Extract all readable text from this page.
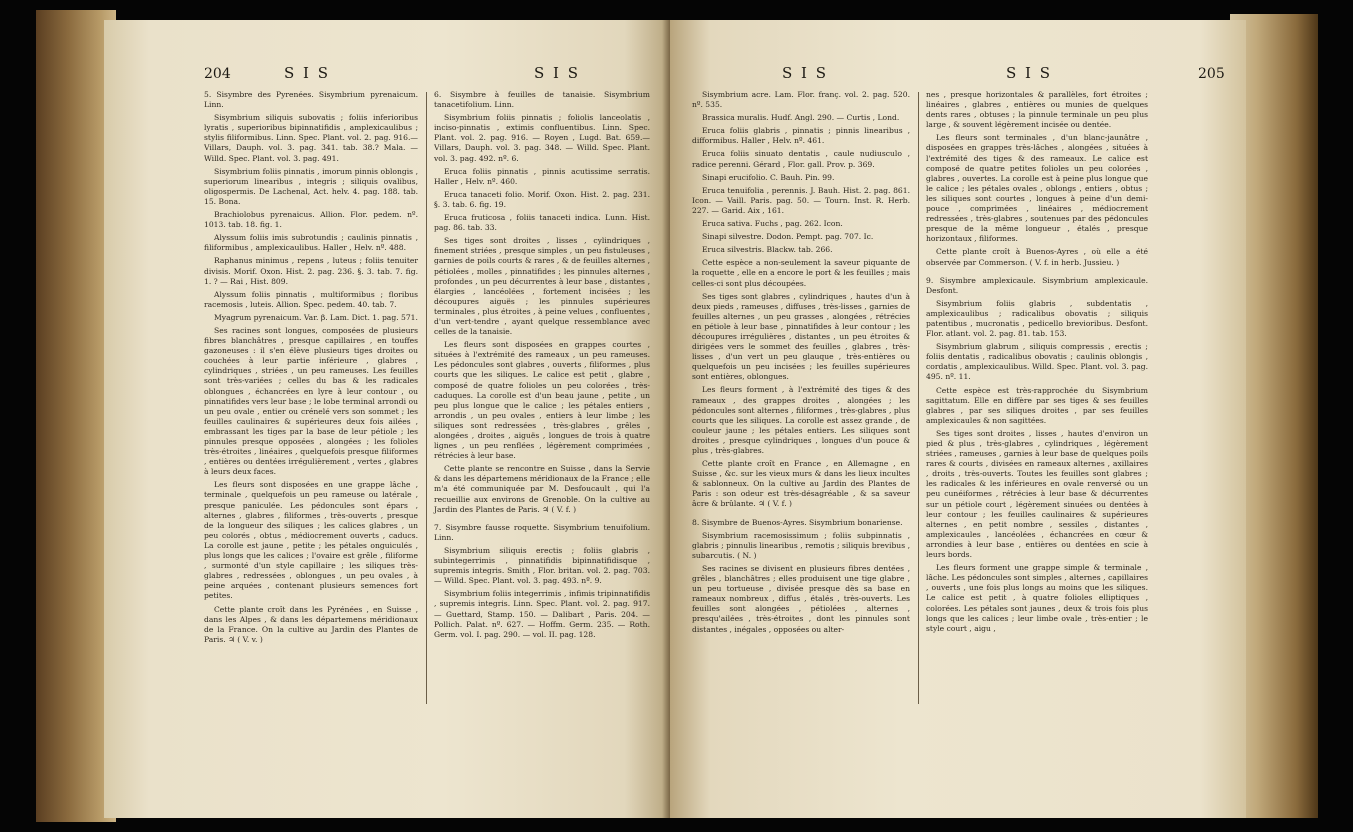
204	S I S	S I S

5. Sisymbre des Pyrenées. Sisymbrium pyrenaicum. Linn.

Sisymbrium siliquis subovatis ; foliis inferioribus lyratis , superioribus bipinnatifidis , amplexicaulibus ; stylis filiformibus. Linn. Spec. Plant. vol. 2. pag. 916.—Villars, Dauph. vol. 3. pag. 341. tab. 38.? Mala. — Willd. Spec. Plant. vol. 3. pag. 491.

Sisymbrium foliis pinnatis , imorum pinnis oblongis , superiorum linearibus , integris ; siliquis ovalibus, oligospermis. De Lachenal, Act. helv. 4. pag. 188. tab. 15. Bona.

Brachiolobus pyrenaicus. Allion. Flor. pedem. nº. 1013. tab. 18. fig. 1.

Alyssum foliis imis subrotundis ; caulinis pinnatis , filiformibus , amplexicaulibus. Haller , Helv. nº. 488.

Raphanus minimus , repens , luteus ; foliis tenuiter divisis. Morif. Oxon. Hist. 2. pag. 236. §. 3. tab. 7. fig. 1. ? — Rai , Hist. 809.

Alyssum foliis pinnatis , multiformibus ; floribus racemosis , luteis. Allion. Spec. pedem. 40. tab. 7.

Myagrum pyrenaicum. Var. β. Lam. Dict. 1. pag. 571.

Ses racines sont longues, composées de plusieurs fibres blanchâtres , presque capillaires , en touffes gazoneuses : il s'en élève plusieurs tiges droites ou couchées à leur partie inférieure , glabres , cylindriques , striées , un peu rameuses. Les feuilles sont très-variées ; celles du bas & les radicales oblongues , échancrées en lyre à leur contour , ou pinnatifides vers leur base ; le lobe terminal arrondi ou un peu ovale , entier ou crénelé vers son sommet ; les feuilles caulinaires & supérieures deux fois ailées , embrassant les tiges par la base de leur pétiole ; les pinnules presque opposées , alongées ; les folioles très-étroites , linéaires , quelquefois presque filiformes , entières ou dentées irrégulièrement , vertes , glabres à leurs deux faces.

Les fleurs sont disposées en une grappe lâche , terminale , quelquefois un peu rameuse ou latérale , presque paniculée. Les pédoncules sont épars , alternes , glabres , filiformes , très-ouverts , presque de la longueur des siliques ; les calices glabres , un peu colorés , obtus , médiocrement ouverts , caducs. La corolle est jaune , petite ; les pétales onguiculés , plus longs que les calices ; l'ovaire est grêle , filiforme , surmonté d'un style capillaire ; les siliques très-glabres , redressées , oblongues , un peu ovales , à peine arquées , contenant plusieurs semences fort petites.

Cette plante croît dans les Pyrénées , en Suisse , dans les Alpes , & dans les départemens méridionaux de la France. On la cultive au Jardin des Plantes de Paris. ♃ ( V. v. )

6. Sisymbre à feuilles de tanaisie. Sisymbrium tanacetifolium. Linn.

Sisymbrium foliis pinnatis ; foliolis lanceolatis , inciso-pinnatis , extimis confluentibus. Linn. Spec. Plant. vol. 2. pag. 916. — Royen , Lugd. Bat. 659.—Villars, Dauph. vol. 3. pag. 348. — Willd. Spec. Plant. vol. 3. pag. 492. nº. 6.

Eruca foliis pinnatis , pinnis acutissime serratis. Haller , Helv. nº. 460.

Eruca tanaceti folio. Morif. Oxon. Hist. 2. pag. 231. §. 3. tab. 6. fig. 19.

Eruca fruticosa , foliis tanaceti indica. Lunn. Hist. pag. 86. tab. 33.

Ses tiges sont droites , lisses , cylindriques , finement striées , presque simples , un peu fistuleuses , garnies de poils courts & rares , & de feuilles alternes , pétiolées , molles , pinnatifides ; les pinnules alternes , profondes , un peu décurrentes à leur base , distantes , élargies , lancéolées , fortement incisées ; les découpures aiguës ; les pinnules supérieures terminales , plus étroites , à peine velues , confluentes , d'un vert-tendre , ayant quelque ressemblance avec celles de la tanaisie.

Les fleurs sont disposées en grappes courtes , situées à l'extrémité des rameaux , un peu rameuses. Les pédoncules sont glabres , ouverts , filiformes , plus courts que les siliques. Le calice est petit , glabre , composé de quatre folioles un peu colorées , très-caduques. La corolle est d'un beau jaune , petite , un peu plus longue que le calice ; les pétales entiers , arrondis , un peu ovales , entiers à leur limbe ; les siliques sont redressées , très-glabres , grêles , alongées , droites , aiguës , longues de trois à quatre lignes , un peu renflées , légèrement comprimées , rétrécies à leur base.

Cette plante se rencontre en Suisse , dans la Servie & dans les départemens méridionaux de la France ; elle m'a été communiquée par M. Desfoucault , qui l'a recueillie aux environs de Grenoble. On la cultive au Jardin des Plantes de Paris. ♃ ( V. f. )

7. Sisymbre fausse roquette. Sisymbrium tenuifolium. Linn.

Sisymbrium siliquis erectis ; foliis glabris , subintegerrimis , pinnatifidis bipinnatifidisque , supremis integris. Smith , Flor. britan. vol. 2. pag. 703. — Willd. Spec. Plant. vol. 3. pag. 493. nº. 9.

Sisymbrium foliis integerrimis , infimis tripinnatifidis , supremis integris. Linn. Spec. Plant. vol. 2. pag. 917. — Guettard, Stamp. 150. — Dalibart , Paris. 204. — Pollich. Palat. nº. 627. — Hoffm. Germ. 235. — Roth. Germ. vol. I. pag. 290. — vol. II. pag. 128.

S I S	S I S	205

Sisymbrium acre. Lam. Flor. franç. vol. 2. pag. 520. nº. 535.

Brassica muralis. Hudf. Angl. 290. — Curtis , Lond.

Eruca foliis glabris , pinnatis ; pinnis linearibus , difformibus. Haller , Helv. nº. 461.

Eruca foliis sinuato dentatis , caule nudiusculo , radice perenni. Gérard , Flor. gall. Prov. p. 369.

Sinapi erucifolio. C. Bauh. Pin. 99.

Eruca tenuifolia , perennis. J. Bauh. Hist. 2. pag. 861. Icon. — Vaill. Paris. pag. 50. — Tourn. Inst. R. Herb. 227. — Garid. Aix , 161.

Eruca sativa. Fuchs , pag. 262. Icon.

Sinapi silvestre. Dodon. Pempt. pag. 707. Ic.

Eruca silvestris. Blackw. tab. 266.

Cette espèce a non-seulement la saveur piquante de la roquette , elle en a encore le port & les feuilles ; mais celles-ci sont plus découpées.

Ses tiges sont glabres , cylindriques , hautes d'un à deux pieds , rameuses , diffuses , très-lisses , garnies de feuilles alternes , un peu grasses , alongées , rétrécies en pétiole à leur base , pinnatifides à leur contour ; les découpures irrégulières , distantes , un peu étroites & dirigées vers le sommet des feuilles , glabres , très-lisses , d'un vert un peu glauque , très-entières ou quelquefois un peu incisées ; les feuilles supérieures sont entières, oblongues.

Les fleurs forment , à l'extrémité des tiges & des rameaux , des grappes droites , alongées ; les pédoncules sont alternes , filiformes , très-glabres , plus courts que les siliques. La corolle est assez grande , de couleur jaune ; les pétales entiers. Les siliques sont droites , presque cylindriques , longues d'un pouce & plus , très-glabres.

Cette plante croît en France , en Allemagne , en Suisse , &c. sur les vieux murs & dans les lieux incultes & sablonneux. On la cultive au Jardin des Plantes de Paris : son odeur est très-désagréable , & sa saveur âcre & brûlante. ♃ ( V. f. )

8. Sisymbre de Buenos-Ayres. Sisymbrium bonariense.

Sisymbrium racemosissimum ; foliis subpinnatis , glabris ; pinnulis linearibus , remotis ; siliquis brevibus , subarcutis. ( N. )

Ses racines se divisent en plusieurs fibres dentées , grêles , blanchâtres ; elles produisent une tige glabre , un peu tortueuse , divisée presque dès sa base en rameaux nombreux , diffus , étalés , très-ouverts. Les feuilles sont alongées , pétiolées , alternes , presqu'ailées , très-étroites , dont les pinnules sont distantes , inégales , opposées ou alter-

nes , presque horizontales & parallèles, fort étroites ; linéaires , glabres , entières ou munies de quelques dents rares , obtuses ; la pinnule terminale un peu plus large , & souvent légèrement incisée ou dentée.

Les fleurs sont terminales , d'un blanc-jaunâtre , disposées en grappes très-lâches , alongées , situées à l'extrémité des tiges & des rameaux. Le calice est composé de quatre petites folioles un peu colorées , glabres , ouvertes. La corolle est à peine plus longue que le calice ; les pétales ovales , oblongs , entiers , obtus ; les siliques sont courtes , longues à peine d'un demi-pouce , comprimées , linéaires , médiocrement redressées , très-glabres , soutenues par des pédoncules presque de la même longueur , étalés , presque horizontaux , filiformes.

Cette plante croît à Buenos-Ayres , où elle a été observée par Commerson. ( V. f. in herb. Jussieu. )

9. Sisymbre amplexicaule. Sisymbrium amplexicaule. Desfont.

Sisymbrium foliis glabris , subdentatis , amplexicaulibus ; radicalibus obovatis ; siliquis patentibus , mucronatis , pedicello brevioribus. Desfont. Flor. atlant. vol. 2. pag. 81. tab. 153.

Sisymbrium glabrum , siliquis compressis , erectis ; foliis dentatis , radicalibus obovatis ; caulinis oblongis , cordatis , amplexicaulibus. Willd. Spec. Plant. vol. 3. pag. 495. nº. 11.

Cette espèce est très-rapprochée du Sisymbrium sagittatum. Elle en diffère par ses tiges & ses feuilles glabres , par ses siliques droites , par ses feuilles amplexicaules & non sagittées.

Ses tiges sont droites , lisses , hautes d'environ un pied & plus , très-glabres , cylindriques , légèrement striées , rameuses , garnies à leur base de quelques poils rares & courts , divisées en rameaux alternes , axillaires , droits , très-ouverts. Toutes les feuilles sont glabres ; les radicales & les inférieures en ovale renversé ou un peu cunéiformes , rétrécies à leur base & décurrentes sur un pétiole court , légèrement sinuées ou dentées à leur contour ; les feuilles caulinaires & supérieures alternes , en petit nombre , sessiles , distantes , amplexicaules , lancéolées , échancrées en cœur & arrondies à leur base , entières ou dentées en scie à leurs bords.

Les fleurs forment une grappe simple & terminale , lâche. Les pédoncules sont simples , alternes , capillaires , ouverts , une fois plus longs au moins que les siliques. Le calice est petit , à quatre folioles elliptiques , colorées. Les pétales sont jaunes , deux & trois fois plus longs que les calices ; leur limbe ovale , très-entier ; le style court , aigu ,
